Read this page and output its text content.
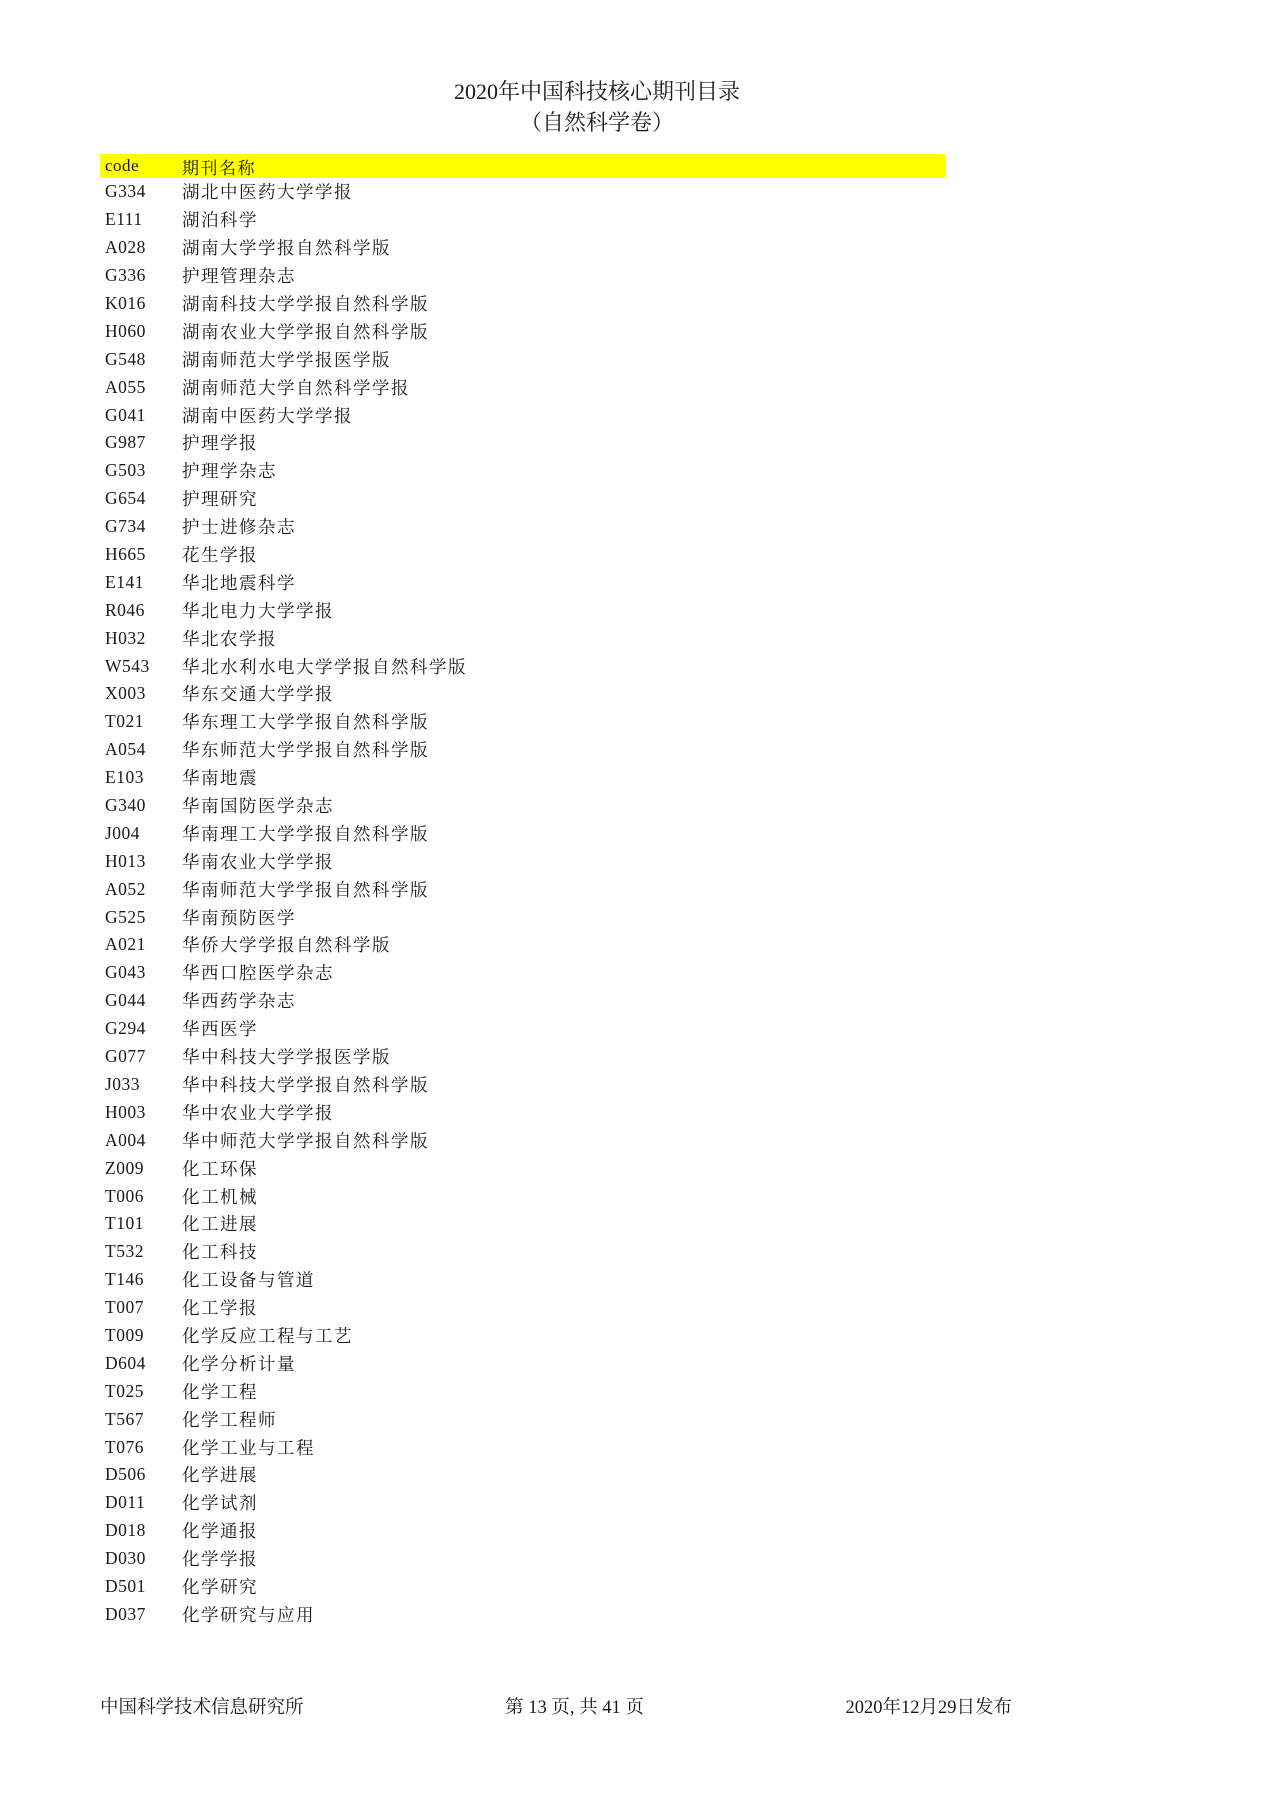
2020年中国科技核心期刊目录
（自然科学卷）
code	期刊名称
G334	湖北中医药大学学报
E111	湖泊科学
A028	湖南大学学报自然科学版
G336	护理管理杂志
K016	湖南科技大学学报自然科学版
H060	湖南农业大学学报自然科学版
G548	湖南师范大学学报医学版
A055	湖南师范大学自然科学学报
G041	湖南中医药大学学报
G987	护理学报
G503	护理学杂志
G654	护理研究
G734	护士进修杂志
H665	花生学报
E141	华北地震科学
R046	华北电力大学学报
H032	华北农学报
W543	华北水利水电大学学报自然科学版
X003	华东交通大学学报
T021	华东理工大学学报自然科学版
A054	华东师范大学学报自然科学版
E103	华南地震
G340	华南国防医学杂志
J004	华南理工大学学报自然科学版
H013	华南农业大学学报
A052	华南师范大学学报自然科学版
G525	华南预防医学
A021	华侨大学学报自然科学版
G043	华西口腔医学杂志
G044	华西药学杂志
G294	华西医学
G077	华中科技大学学报医学版
J033	华中科技大学学报自然科学版
H003	华中农业大学学报
A004	华中师范大学学报自然科学版
Z009	化工环保
T006	化工机械
T101	化工进展
T532	化工科技
T146	化工设备与管道
T007	化工学报
T009	化学反应工程与工艺
D604	化学分析计量
T025	化学工程
T567	化学工程师
T076	化学工业与工程
D506	化学进展
D011	化学试剂
D018	化学通报
D030	化学学报
D501	化学研究
D037	化学研究与应用
中国科学技术信息研究所	第 13 页, 共 41 页	2020年12月29日发布
